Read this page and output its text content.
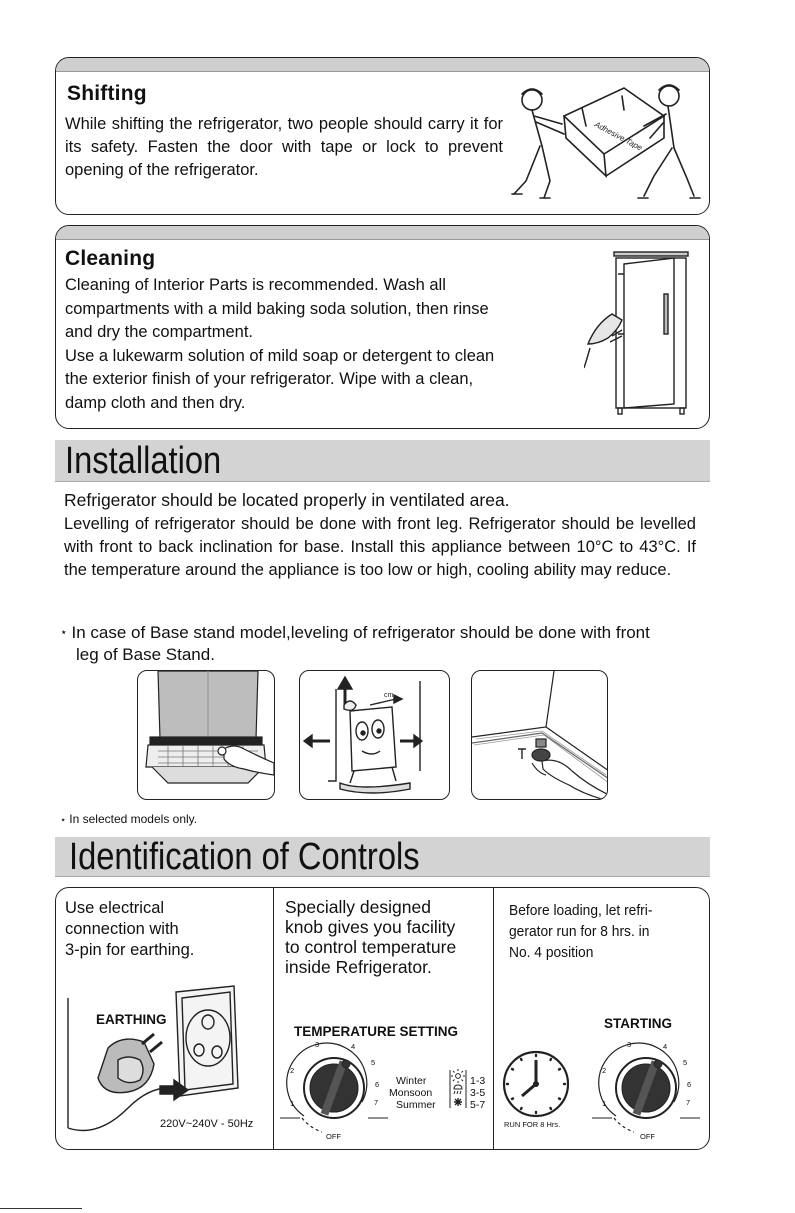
Shifting

While shifting the refrigerator, two people should carry it for its safety. Fasten the door with tape or lock to prevent opening of the refrigerator.

Adhesive Tape
Cleaning

Cleaning of Interior Parts is recommended. Wash all
compartments with a mild baking soda solution, then rinse
and dry the compartment.
Use a lukewarm solution of mild soap or detergent to clean
the exterior finish of your refrigerator. Wipe with a clean,
damp cloth and then dry.

Installation

Refrigerator should be located properly in ventilated area.

Levelling of refrigerator should be done with front leg. Refrigerator should be levelled with front to back inclination for base. Install this appliance between 10°C to 43°C. If the temperature around the appliance is too low or high, cooling ability may reduce.

⋆ In case of Base stand model,leveling of refrigerator should be done with front
leg of Base Stand.

cm

⋆ In selected models only.

Identification of Controls

Use electrical
connection with
3-pin for earthing.

EARTHING
220V~240V - 50Hz

Specially designed
knob gives you facility
to control temperature
inside Refrigerator.

TEMPERATURE SETTING
Winter	1-3
Monsoon	3-5
Summer	5-7
OFF
1
2
3	4
5
6
7

Before loading, let refri-
gerator run for 8 hrs. in
No. 4 position

STARTING
RUN FOR 8 Hrs.
OFF
1
2
3	4
5
6
7
